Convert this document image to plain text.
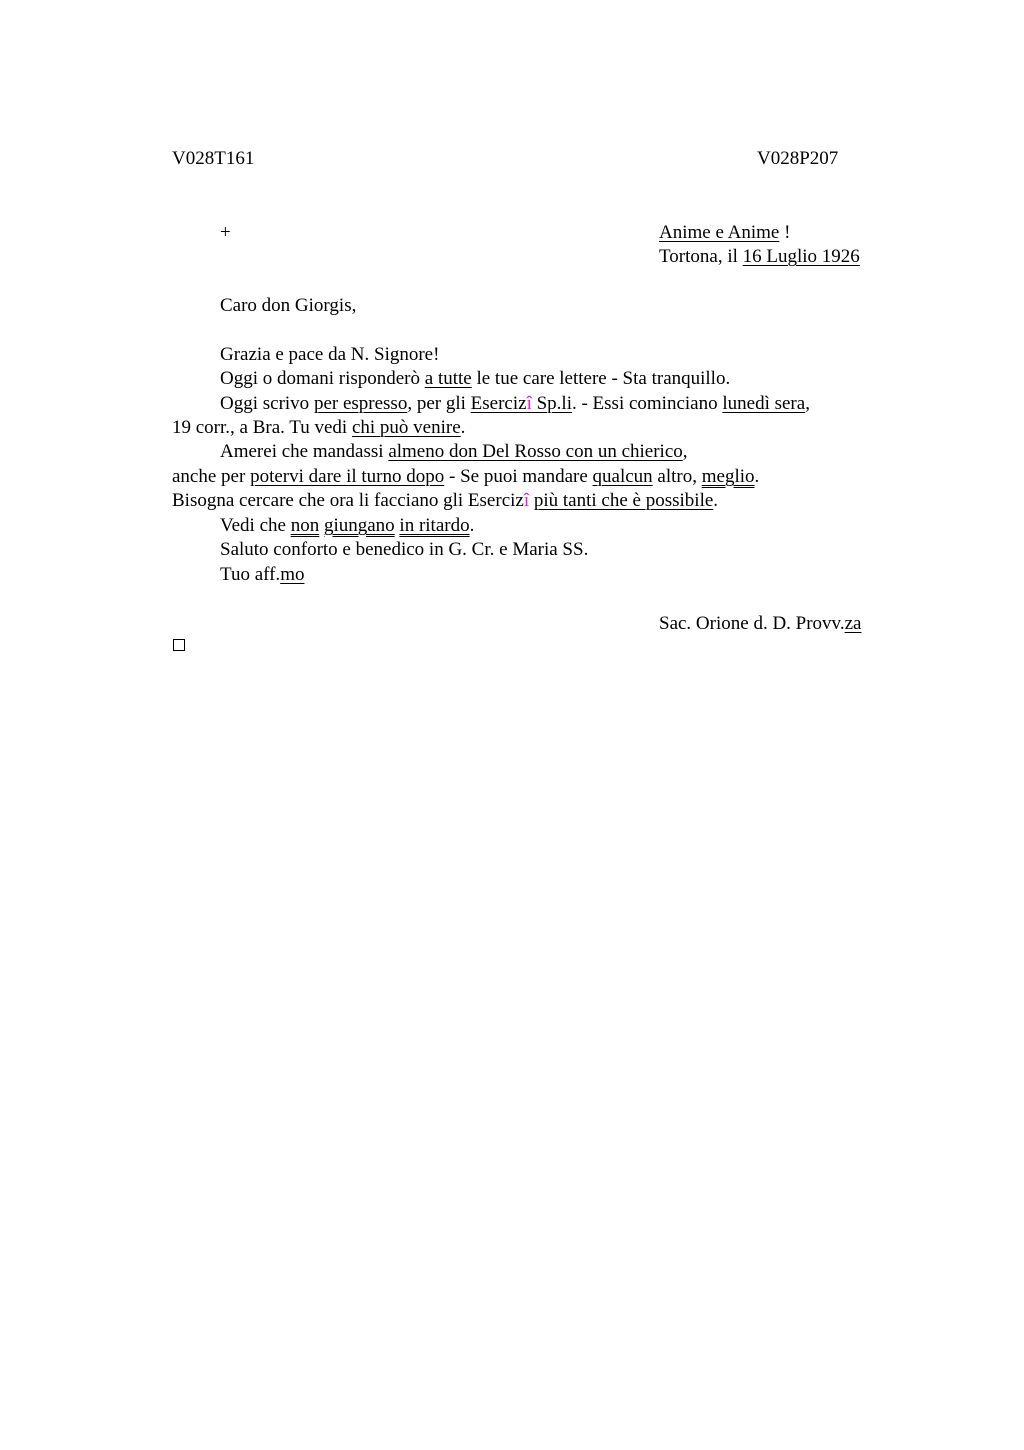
V028T161	V028P207
+	Anime e Anime !
Tortona, il 16 Luglio 1926
Caro don Giorgis,
Grazia e pace da N. Signore!
Oggi o domani risponderò a tutte le tue care lettere - Sta tranquillo.
Oggi scrivo per espresso, per gli Esercizî Sp.li. - Essi cominciano lunedì sera,
19 corr., a Bra. Tu vedi chi può venire.
Amerei che mandassi almeno don Del Rosso con un chierico,
anche per potervi dare il turno dopo - Se puoi mandare qualcun altro, meglio.
Bisogna cercare che ora li facciano gli Esercizî più tanti che è possibile.
Vedi che non giungano in ritardo.
Saluto conforto e benedico in G. Cr. e Maria SS.
Tuo aff.mo
Sac. Orione d. D. Provv.za
